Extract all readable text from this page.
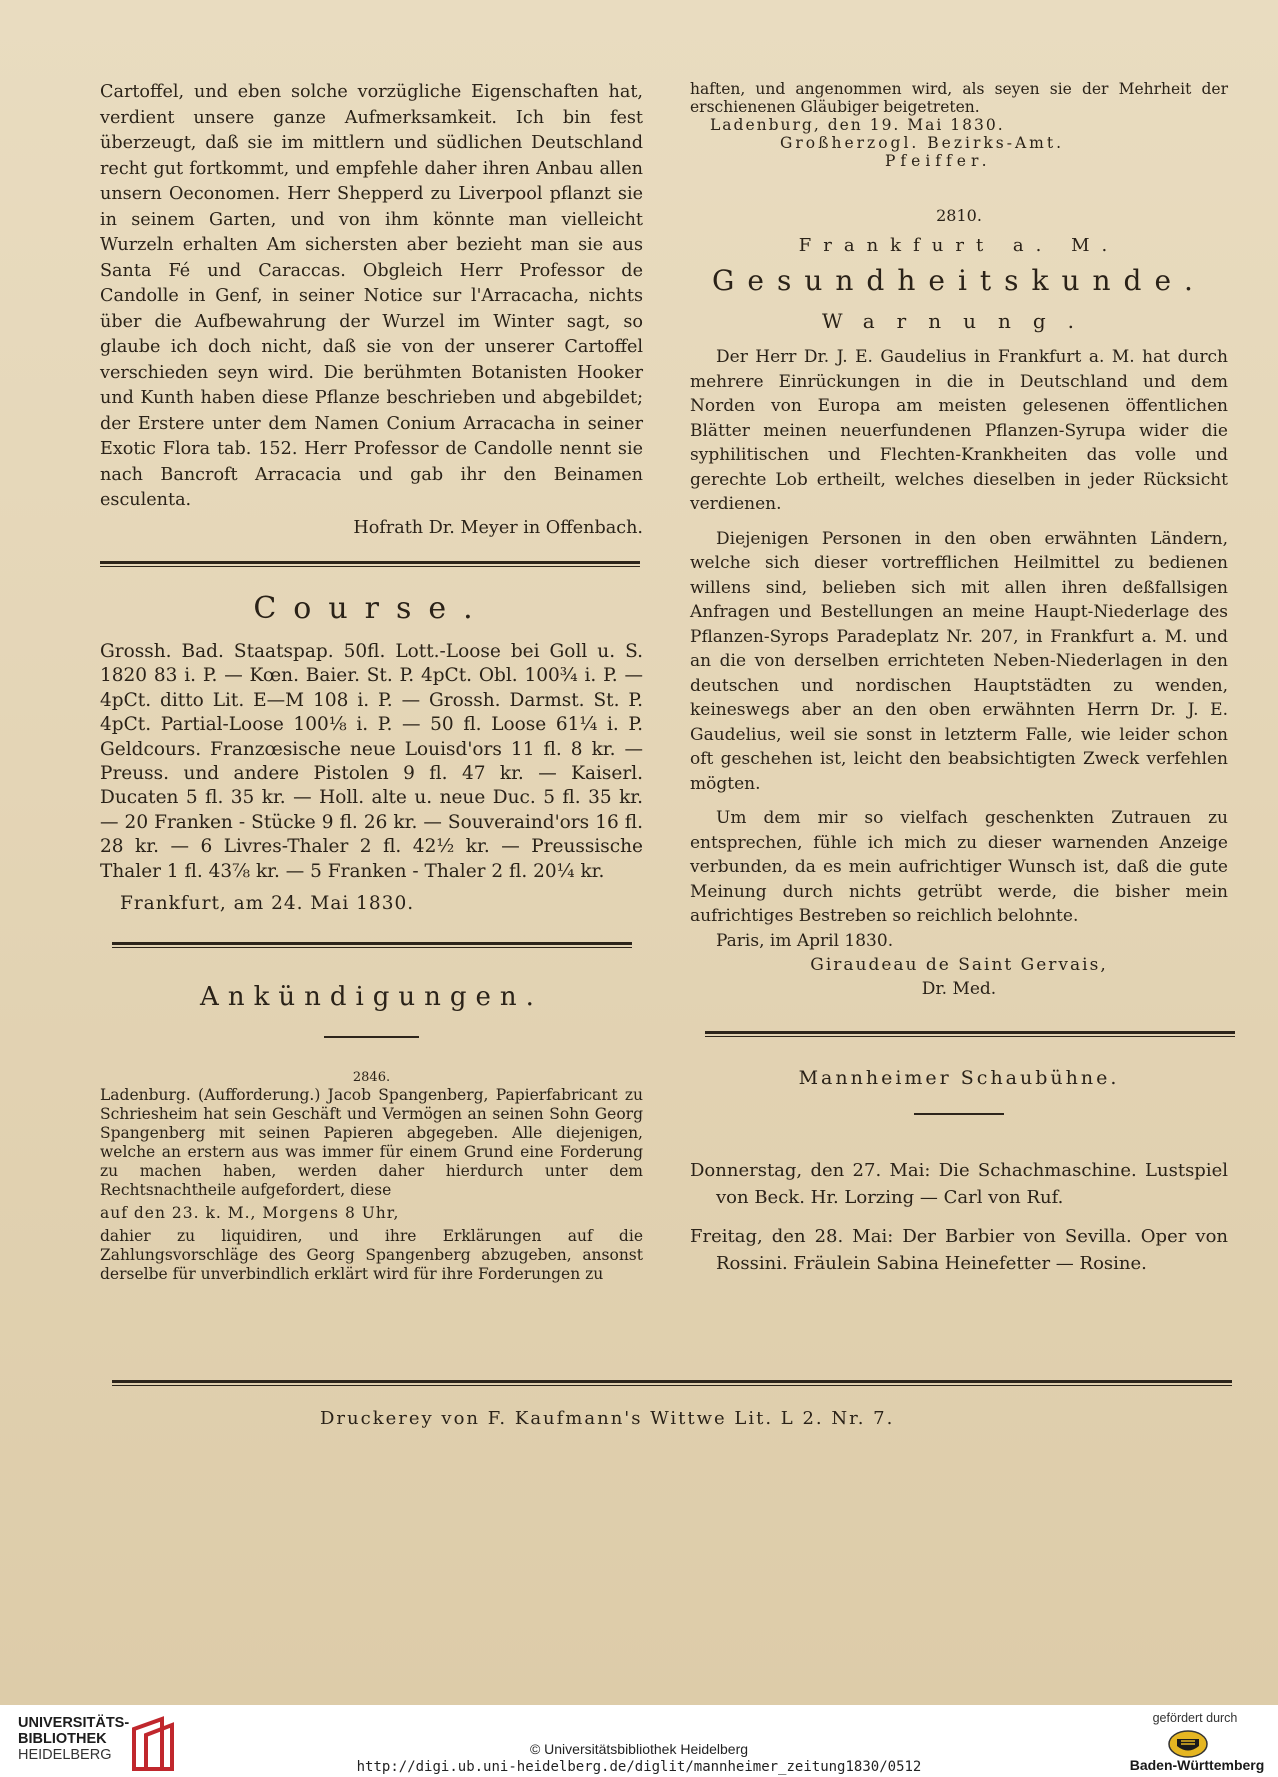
Cartoffel, und eben solche vorzügliche Eigenschaften hat, verdient unsere ganze Aufmerksamkeit. Ich bin fest überzeugt, daß sie im mittlern und südlichen Deutschland recht gut fortkommt, und empfehle daher ihren Anbau allen unsern Oeconomen. Herr Shepperd zu Liverpool pflanzt sie in seinem Garten, und von ihm könnte man vielleicht Wurzeln erhalten Am sichersten aber bezieht man sie aus Santa Fé und Caraccas. Obgleich Herr Professor de Candolle in Genf, in seiner Notice sur l'Arracacha, nichts über die Aufbewahrung der Wurzel im Winter sagt, so glaube ich doch nicht, daß sie von der unserer Cartoffel verschieden seyn wird. Die berühmten Botanisten Hooker und Kunth haben diese Pflanze beschrieben und abgebildet; der Erstere unter dem Namen Conium Arracacha in seiner Exotic Flora tab. 152. Herr Professor de Candolle nennt sie nach Bancroft Arracacia und gab ihr den Beinamen esculenta.

Hofrath Dr. Meyer in Offenbach.

Course.

Grossh. Bad. Staatspap. 50fl. Lott.-Loose bei Goll u. S. 1820 83 i. P. — Kœn. Baier. St. P. 4pCt. Obl. 100¾ i. P. — 4pCt. ditto Lit. E—M 108 i. P. — Grossh. Darmst. St. P. 4pCt. Partial-Loose 100⅛ i. P. — 50 fl. Loose 61¼ i. P. Geldcours. Franzœsische neue Louisd'ors 11 fl. 8 kr. — Preuss. und andere Pistolen 9 fl. 47 kr. — Kaiserl. Ducaten 5 fl. 35 kr. — Holl. alte u. neue Duc. 5 fl. 35 kr. — 20 Franken - Stücke 9 fl. 26 kr. — Souveraind'ors 16 fl. 28 kr. — 6 Livres-Thaler 2 fl. 42½ kr. — Preussische Thaler 1 fl. 43⅞ kr. — 5 Franken - Thaler 2 fl. 20¼ kr.

Frankfurt, am 24. Mai 1830.

Ankündigungen.

2846.

Ladenburg. (Aufforderung.) Jacob Spangenberg, Papierfabricant zu Schriesheim hat sein Geschäft und Vermögen an seinen Sohn Georg Spangenberg mit seinen Papieren abgegeben. Alle diejenigen, welche an erstern aus was immer für einem Grund eine Forderung zu machen haben, werden daher hierdurch unter dem Rechtsnachtheile aufgefordert, diese

auf den 23. k. M., Morgens 8 Uhr,

dahier zu liquidiren, und ihre Erklärungen auf die Zahlungsvorschläge des Georg Spangenberg abzugeben, ansonst derselbe für unverbindlich erklärt wird für ihre Forderungen zu

haften, und angenommen wird, als seyen sie der Mehrheit der erschienenen Gläubiger beigetreten.

Ladenburg, den 19. Mai 1830.

Großherzogl. Bezirks-Amt.

Pfeiffer.

2810.

Frankfurt a. M.

Gesundheitskunde.
Warnung.

Der Herr Dr. J. E. Gaudelius in Frankfurt a. M. hat durch mehrere Einrückungen in die in Deutschland und dem Norden von Europa am meisten gelesenen öffentlichen Blätter meinen neuerfundenen Pflanzen-Syrupa wider die syphilitischen und Flechten-Krankheiten das volle und gerechte Lob ertheilt, welches dieselben in jeder Rücksicht verdienen.

Diejenigen Personen in den oben erwähnten Ländern, welche sich dieser vortrefflichen Heilmittel zu bedienen willens sind, belieben sich mit allen ihren deßfallsigen Anfragen und Bestellungen an meine Haupt-Niederlage des Pflanzen-Syrops Paradeplatz Nr. 207, in Frankfurt a. M. und an die von derselben errichteten Neben-Niederlagen in den deutschen und nordischen Hauptstädten zu wenden, keineswegs aber an den oben erwähnten Herrn Dr. J. E. Gaudelius, weil sie sonst in letzterm Falle, wie leider schon oft geschehen ist, leicht den beabsichtigten Zweck verfehlen mögten.

Um dem mir so vielfach geschenkten Zutrauen zu entsprechen, fühle ich mich zu dieser warnenden Anzeige verbunden, da es mein aufrichtiger Wunsch ist, daß die gute Meinung durch nichts getrübt werde, die bisher mein aufrichtiges Bestreben so reichlich belohnte.

Paris, im April 1830.

Giraudeau de Saint Gervais,

Dr. Med.

Mannheimer Schaubühne.

Donnerstag, den 27. Mai: Die Schachmaschine. Lustspiel von Beck. Hr. Lorzing — Carl von Ruf.

Freitag, den 28. Mai: Der Barbier von Sevilla. Oper von Rossini. Fräulein Sabina Heinefetter — Rosine.

Druckerey von F. Kaufmann's Wittwe Lit. L 2. Nr. 7.

UNIVERSITÄTS-
BIBLIOTHEK
HEIDELBERG	© Universitätsbibliothek Heidelberg
http://digi.ub.uni-heidelberg.de/diglit/mannheimer_zeitung1830/0512
gefördert durch
Baden-Württemberg
